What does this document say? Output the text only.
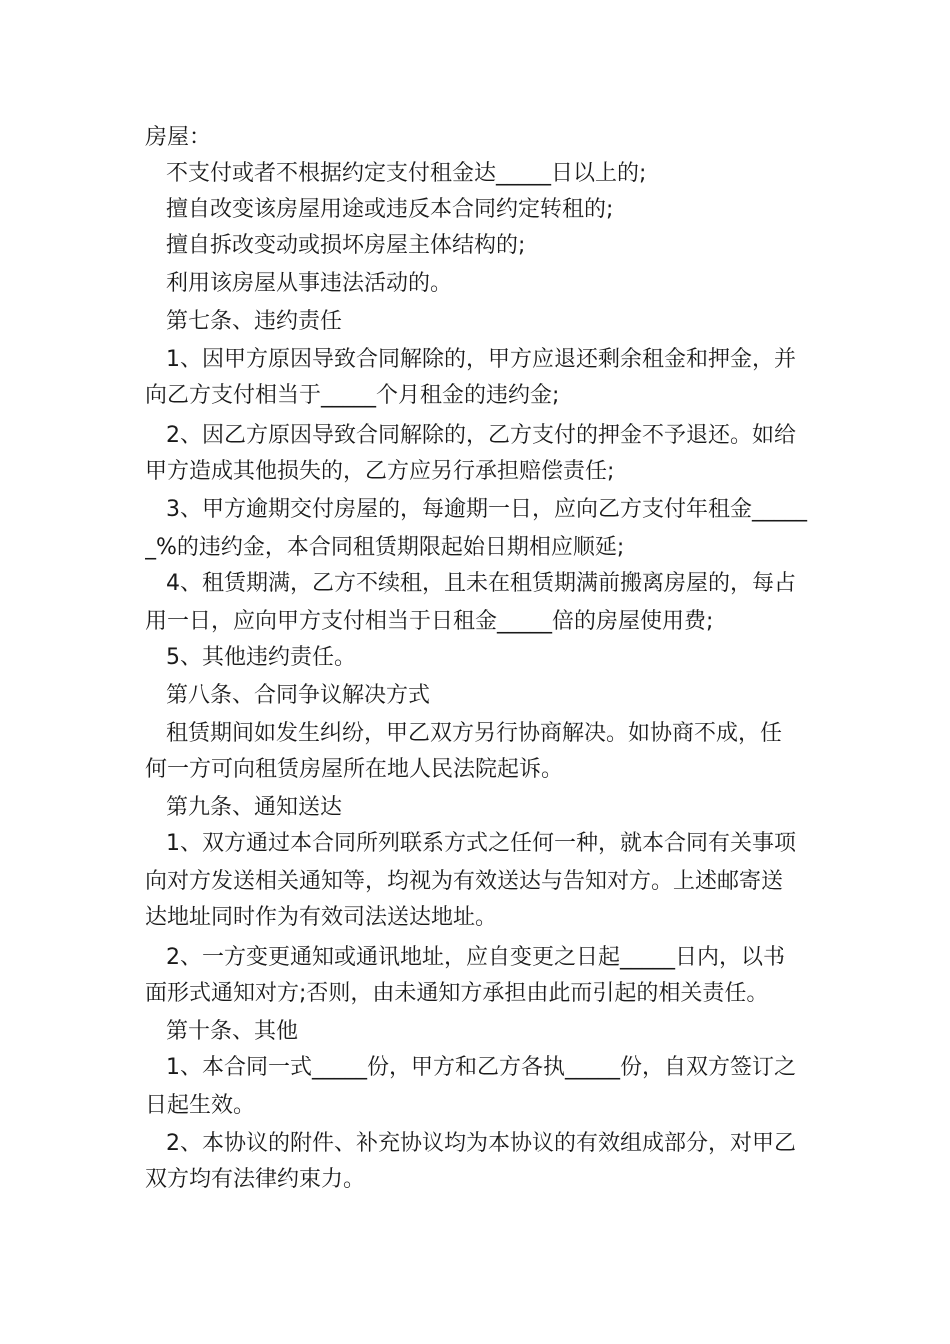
房屋：
不支付或者不根据约定支付租金达_____日以上的;
擅自改变该房屋用途或违反本合同约定转租的;
擅自拆改变动或损坏房屋主体结构的;
利用该房屋从事违法活动的。
第七条、违约责任
1、因甲方原因导致合同解除的，甲方应退还剩余租金和押金，并
向乙方支付相当于_____个月租金的违约金;
2、因乙方原因导致合同解除的，乙方支付的押金不予退还。如给
甲方造成其他损失的，乙方应另行承担赔偿责任;
3、甲方逾期交付房屋的，每逾期一日，应向乙方支付年租金_____
_%的违约金，本合同租赁期限起始日期相应顺延;
4、租赁期满，乙方不续租，且未在租赁期满前搬离房屋的，每占
用一日，应向甲方支付相当于日租金_____倍的房屋使用费;
5、其他违约责任。
第八条、合同争议解决方式
租赁期间如发生纠纷，甲乙双方另行协商解决。如协商不成，任
何一方可向租赁房屋所在地人民法院起诉。
第九条、通知送达
1、双方通过本合同所列联系方式之任何一种，就本合同有关事项
向对方发送相关通知等，均视为有效送达与告知对方。上述邮寄送
达地址同时作为有效司法送达地址。
2、一方变更通知或通讯地址，应自变更之日起_____日内，以书
面形式通知对方;否则，由未通知方承担由此而引起的相关责任。
第十条、其他
1、本合同一式_____份，甲方和乙方各执_____份，自双方签订之
日起生效。
2、本协议的附件、补充协议均为本协议的有效组成部分，对甲乙
双方均有法律约束力。
